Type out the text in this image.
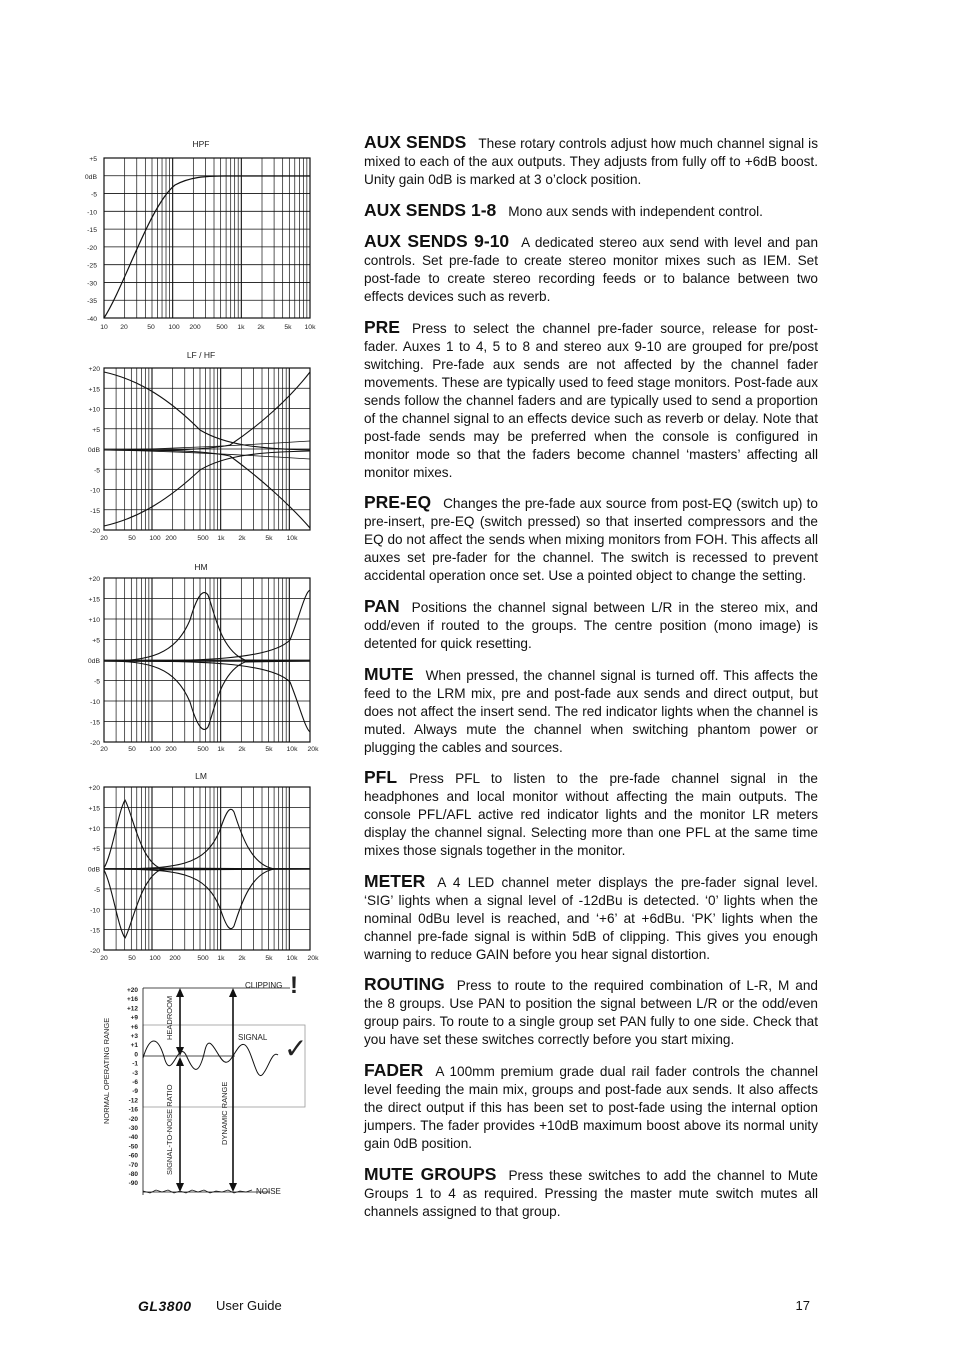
HPF
+5
0dB
-5
-10
-15
-20
-25
-30
-35
-40
10 20	50 100 200 500 1k 2k	5k 10k
LF / HF
+20
+15
+10
+5
0dB
-5
-10
-15
-20
20	50 100 200	500 1k 2k	5k 10k
HM
+20
+15
+10
+5
0dB
-5
-10
-15
-20
20	50 100 200	500 1k 2k	5k 10k 20k
LM
+20
+15
+10
+5
0dB
-5
-10
-15
-20
20	50 100 200 500 1k 2k	5k 10k 20k
+20
+16
+12
+9
+6
+3
+1
0
-1
-3
-6
-9
-12
-16
-20
-30
-40
-50
-60
-70
-80
-90
NORMAL OPERATING RANGE	HEADROOM
SIGNAL-TO-NOISE RATIO	DYNAMIC RANGE
CLIPPING !
SIGNAL ✓
NOISE
AUX SENDS These rotary controls adjust how much channel signal is mixed to each of the aux outputs. They adjusts from fully off to +6dB boost. Unity gain 0dB is marked at 3 o’clock position.
AUX SENDS 1-8 Mono aux sends with independent control.
AUX SENDS 9-10 A dedicated stereo aux send with level and pan controls. Set pre-fade to create stereo monitor mixes such as IEM. Set post-fade to create stereo recording feeds or to balance between two effects devices such as reverb.
PRE Press to select the channel pre-fader source, release for post-fader. Auxes 1 to 4, 5 to 8 and stereo aux 9-10 are grouped for pre/post switching. Pre-fade aux sends are not affected by the channel fader movements. These are typically used to feed stage monitors. Post-fade aux sends follow the channel faders and are typically used to send a proportion of the channel signal to an effects device such as reverb or delay. Note that post-fade sends may be preferred when the console is configured in monitor mode so that the faders become channel ‘masters’ affecting all monitor mixes.
PRE-EQ Changes the pre-fade aux source from post-EQ (switch up) to pre-insert, pre-EQ (switch pressed) so that inserted compressors and the EQ do not affect the sends when mixing monitors from FOH. This affects all auxes set pre-fader for the channel. The switch is recessed to prevent accidental operation once set. Use a pointed object to change the setting.
PAN Positions the channel signal between L/R in the stereo mix, and odd/even if routed to the groups. The centre position (mono image) is detented for quick resetting.
MUTE When pressed, the channel signal is turned off. This affects the feed to the LRM mix, pre and post-fade aux sends and direct output, but does not affect the insert send. The red indicator lights when the channel is muted. Always mute the channel when switching phantom power or plugging the cables and sources.
PFL Press PFL to listen to the pre-fade channel signal in the headphones and local monitor without affecting the main outputs. The console PFL/AFL active red indicator lights and the monitor LR meters display the channel signal. Selecting more than one PFL at the same time mixes those signals together in the monitor.
METER A 4 LED channel meter displays the pre-fader signal level. ‘SIG’ lights when a signal level of -12dBu is detected. ‘0’ lights when the nominal 0dBu level is reached, and ‘+6’ at +6dBu. ‘PK’ lights when the channel pre-fade signal is within 5dB of clipping. This gives you enough warning to reduce GAIN before you hear signal distortion.
ROUTING Press to route to the required combination of L-R, M and the 8 groups. Use PAN to position the signal between L/R or the odd/even group pairs. To route to a single group set PAN fully to one side. Check that you have set these switches correctly before you start mixing.
FADER A 100mm premium grade dual rail fader controls the channel level feeding the main mix, groups and post-fade aux sends. It also affects the direct output if this has been set to post-fade using the internal option jumpers. The fader provides +10dB maximum boost above its normal unity gain 0dB position.
MUTE GROUPS Press these switches to add the channel to Mute Groups 1 to 4 as required. Pressing the master mute switch mutes all channels assigned to that group.
GL3800 User Guide	17
